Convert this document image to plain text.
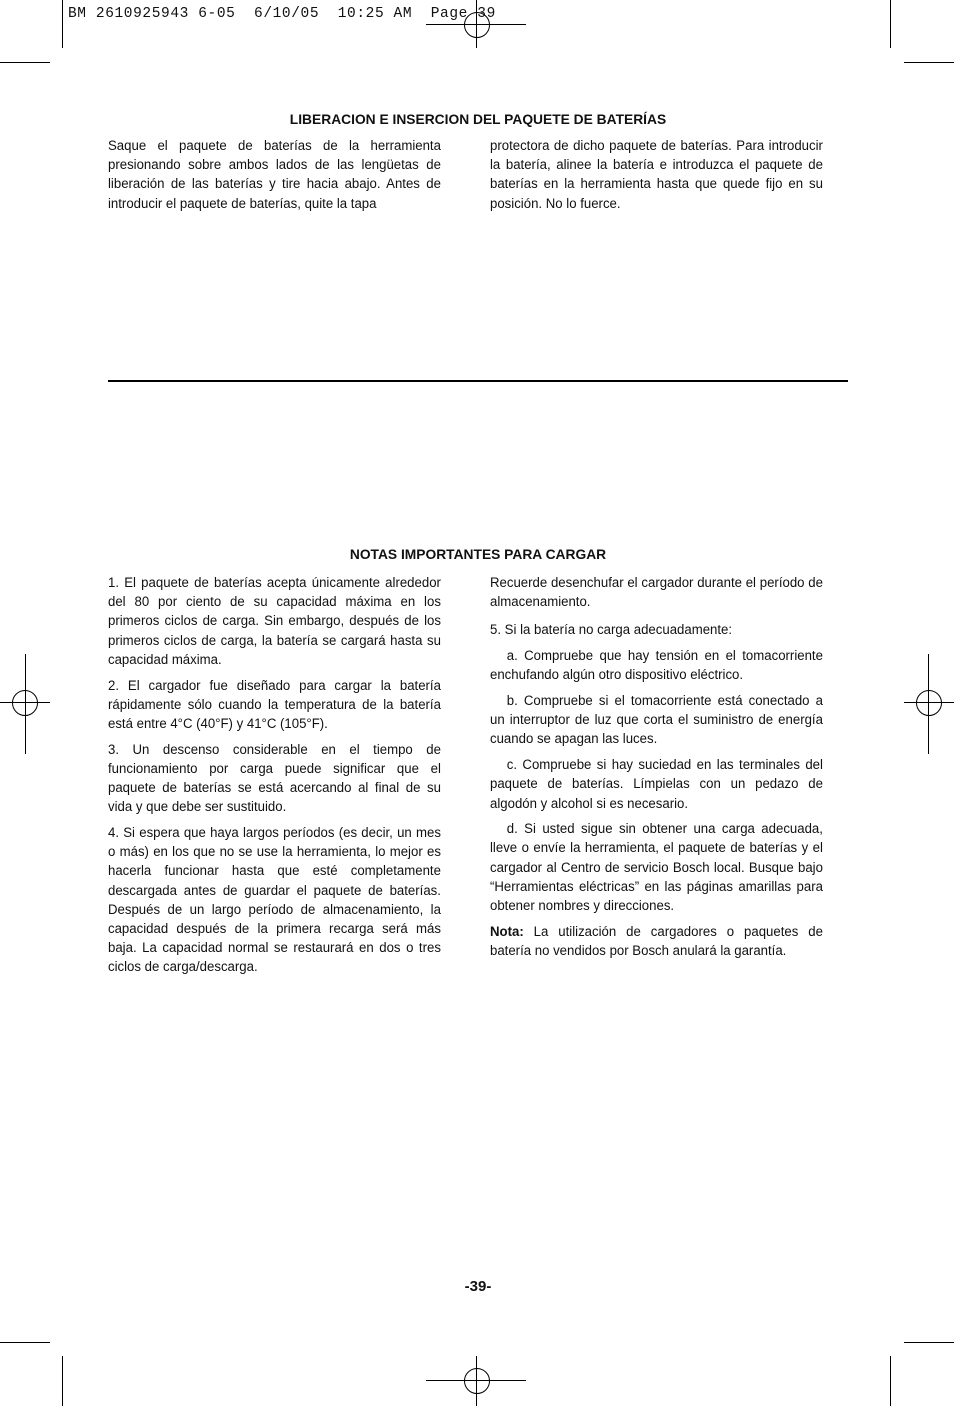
BM 2610925943 6-05  6/10/05  10:25 AM  Page 39
LIBERACION E INSERCION DEL PAQUETE DE BATERÍAS

Saque el paquete de baterías de la herramienta presionando sobre ambos lados de las lengüetas de liberación de las baterías y tire hacia abajo. Antes de introducir el paquete de baterías, quite la tapa

protectora de dicho paquete de baterías. Para introducir la batería, alinee la batería e introduzca el paquete de baterías en la herramienta hasta que quede fijo en su posición. No lo fuerce.

NOTAS IMPORTANTES PARA CARGAR

1. El paquete de baterías acepta únicamente alrededor del 80 por ciento de su capacidad máxima en los primeros ciclos de carga. Sin embargo, después de los primeros ciclos de carga, la batería se cargará hasta su capacidad máxima.

2. El cargador fue diseñado para cargar la batería rápidamente sólo cuando la temperatura de la batería está entre 4°C (40°F) y 41°C (105°F).

3. Un descenso considerable en el tiempo de funcionamiento por carga puede significar que el paquete de baterías se está acercando al final de su vida y que debe ser sustituido.

4. Si espera que haya largos períodos (es decir, un mes o más) en los que no se use la herramienta, lo mejor es hacerla funcionar hasta que esté completamente descargada antes de guardar el paquete de baterías. Después de un largo período de almacenamiento, la capacidad después de la primera recarga será más baja. La capacidad normal se restaurará en dos o tres ciclos de carga/descarga.

Recuerde desenchufar el cargador durante el período de almacenamiento.

5. Si la batería no carga adecuadamente:

a. Compruebe que hay tensión en el tomacorriente enchufando algún otro dispositivo eléctrico.

b. Compruebe si el tomacorriente está conectado a un interruptor de luz que corta el suministro de energía cuando se apagan las luces.

c. Compruebe si hay suciedad en las terminales del paquete de baterías. Límpielas con un pedazo de algodón y alcohol si es necesario.

d. Si usted sigue sin obtener una carga adecuada, lleve o envíe la herramienta, el paquete de baterías y el cargador al Centro de servicio Bosch local. Busque bajo “Herramientas eléctricas” en las páginas amarillas para obtener nombres y direcciones.

Nota: La utilización de cargadores o paquetes de batería no vendidos por Bosch anulará la garantía.

-39-
